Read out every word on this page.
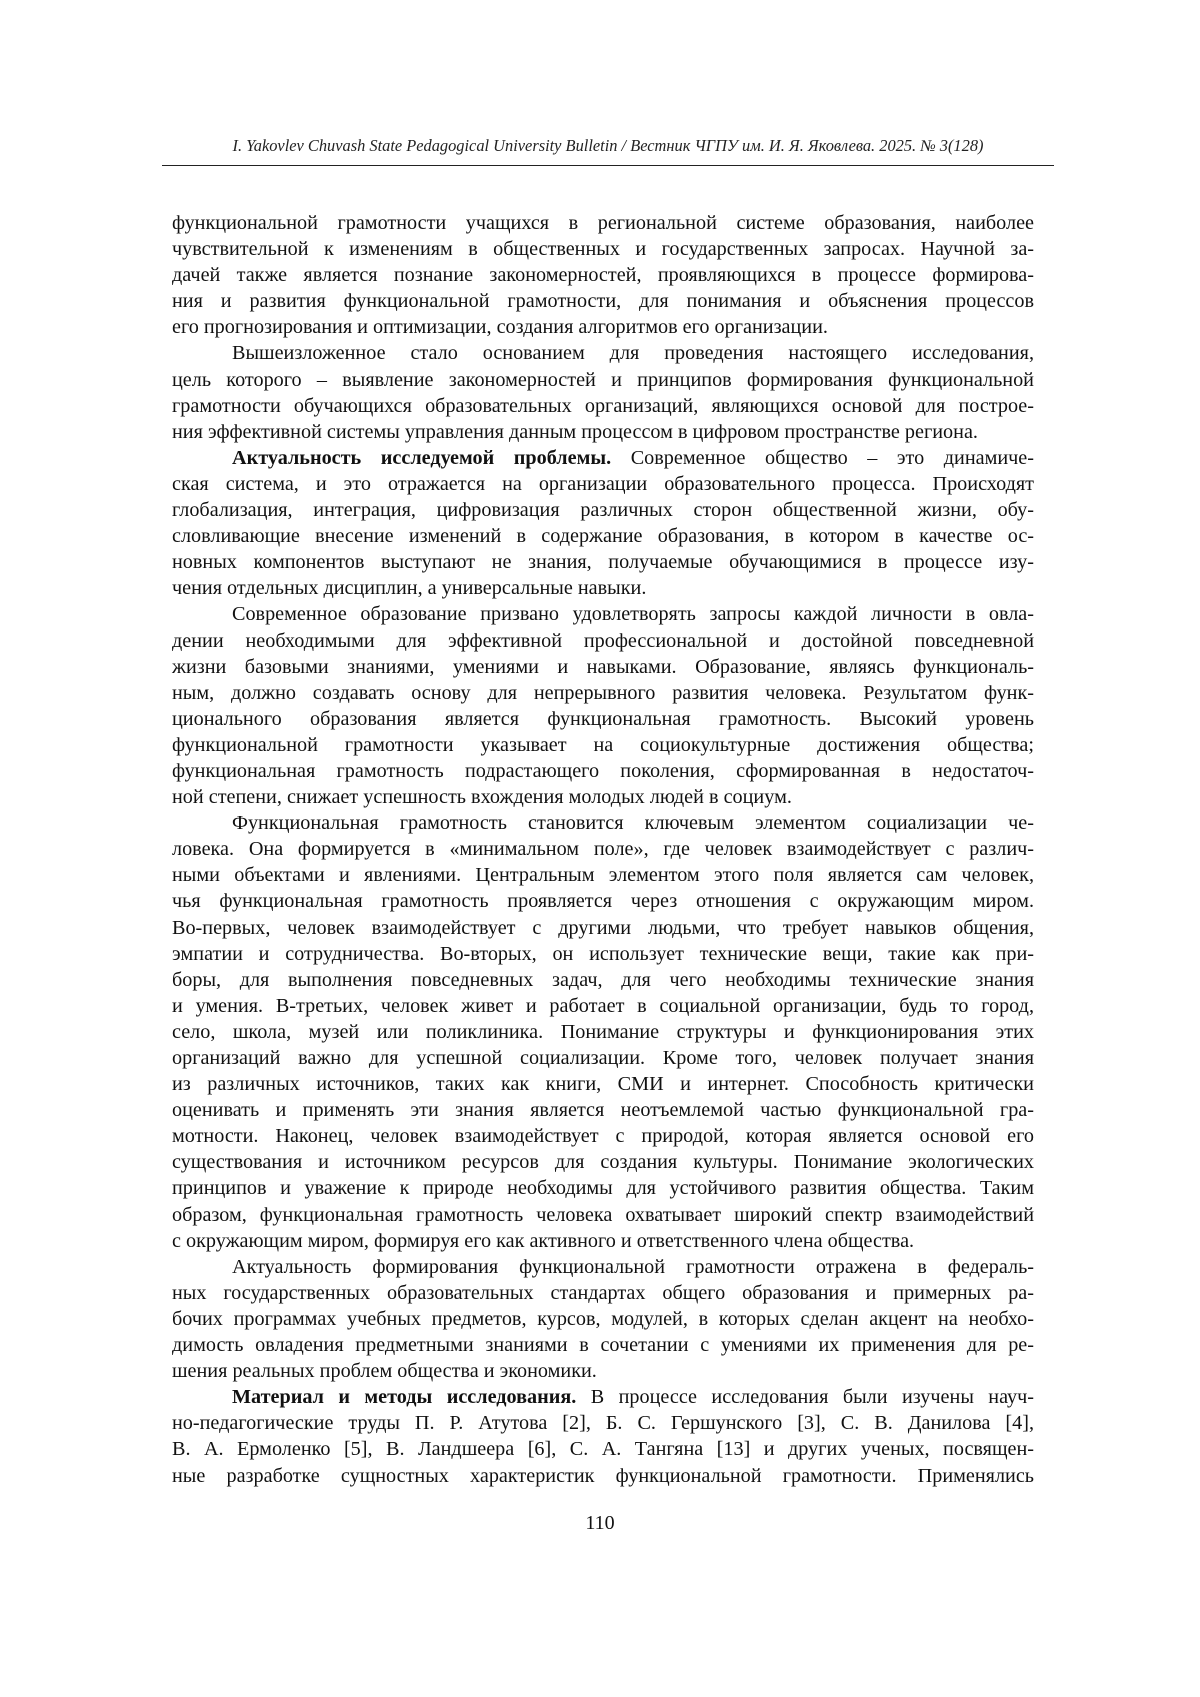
I. Yakovlev Chuvash State Pedagogical University Bulletin / Вестник ЧГПУ им. И. Я. Яковлева. 2025. № 3(128)
функциональной грамотности учащихся в региональной системе образования, наиболее
чувствительной к изменениям в общественных и государственных запросах. Научной за-
дачей также является познание закономерностей, проявляющихся в процессе формирова-
ния и развития функциональной грамотности, для понимания и объяснения процессов
его прогнозирования и оптимизации, создания алгоритмов его организации.
Вышеизложенное стало основанием для проведения настоящего исследования,
цель которого – выявление закономерностей и принципов формирования функциональной
грамотности обучающихся образовательных организаций, являющихся основой для построе-
ния эффективной системы управления данным процессом в цифровом пространстве региона.
Актуальность исследуемой проблемы. Современное общество – это динамиче-
ская система, и это отражается на организации образовательного процесса. Происходят
глобализация, интеграция, цифровизация различных сторон общественной жизни, обу-
словливающие внесение изменений в содержание образования, в котором в качестве ос-
новных компонентов выступают не знания, получаемые обучающимися в процессе изу-
чения отдельных дисциплин, а универсальные навыки.
Современное образование призвано удовлетворять запросы каждой личности в овла-
дении необходимыми для эффективной профессиональной и достойной повседневной
жизни базовыми знаниями, умениями и навыками. Образование, являясь функциональ-
ным, должно создавать основу для непрерывного развития человека. Результатом функ-
ционального образования является функциональная грамотность. Высокий уровень
функциональной грамотности указывает на социокультурные достижения общества;
функциональная грамотность подрастающего поколения, сформированная в недостаточ-
ной степени, снижает успешность вхождения молодых людей в социум.
Функциональная грамотность становится ключевым элементом социализации че-
ловека. Она формируется в «минимальном поле», где человек взаимодействует с различ-
ными объектами и явлениями. Центральным элементом этого поля является сам человек,
чья функциональная грамотность проявляется через отношения с окружающим миром.
Во-первых, человек взаимодействует с другими людьми, что требует навыков общения,
эмпатии и сотрудничества. Во-вторых, он использует технические вещи, такие как при-
боры, для выполнения повседневных задач, для чего необходимы технические знания
и умения. В-третьих, человек живет и работает в социальной организации, будь то город,
село, школа, музей или поликлиника. Понимание структуры и функционирования этих
организаций важно для успешной социализации. Кроме того, человек получает знания
из различных источников, таких как книги, СМИ и интернет. Способность критически
оценивать и применять эти знания является неотъемлемой частью функциональной гра-
мотности. Наконец, человек взаимодействует с природой, которая является основой его
существования и источником ресурсов для создания культуры. Понимание экологических
принципов и уважение к природе необходимы для устойчивого развития общества. Таким
образом, функциональная грамотность человека охватывает широкий спектр взаимодействий
с окружающим миром, формируя его как активного и ответственного члена общества.
Актуальность формирования функциональной грамотности отражена в федераль-
ных государственных образовательных стандартах общего образования и примерных ра-
бочих программах учебных предметов, курсов, модулей, в которых сделан акцент на необхо-
димость овладения предметными знаниями в сочетании с умениями их применения для ре-
шения реальных проблем общества и экономики.
Материал и методы исследования. В процессе исследования были изучены науч-
но-педагогические труды П. Р. Атутова [2], Б. С. Гершунского [3], С. В. Данилова [4],
В. А. Ермоленко [5], В. Ландшеера [6], С. А. Тангяна [13] и других ученых, посвящен-
ные разработке сущностных характеристик функциональной грамотности. Применялись
110
